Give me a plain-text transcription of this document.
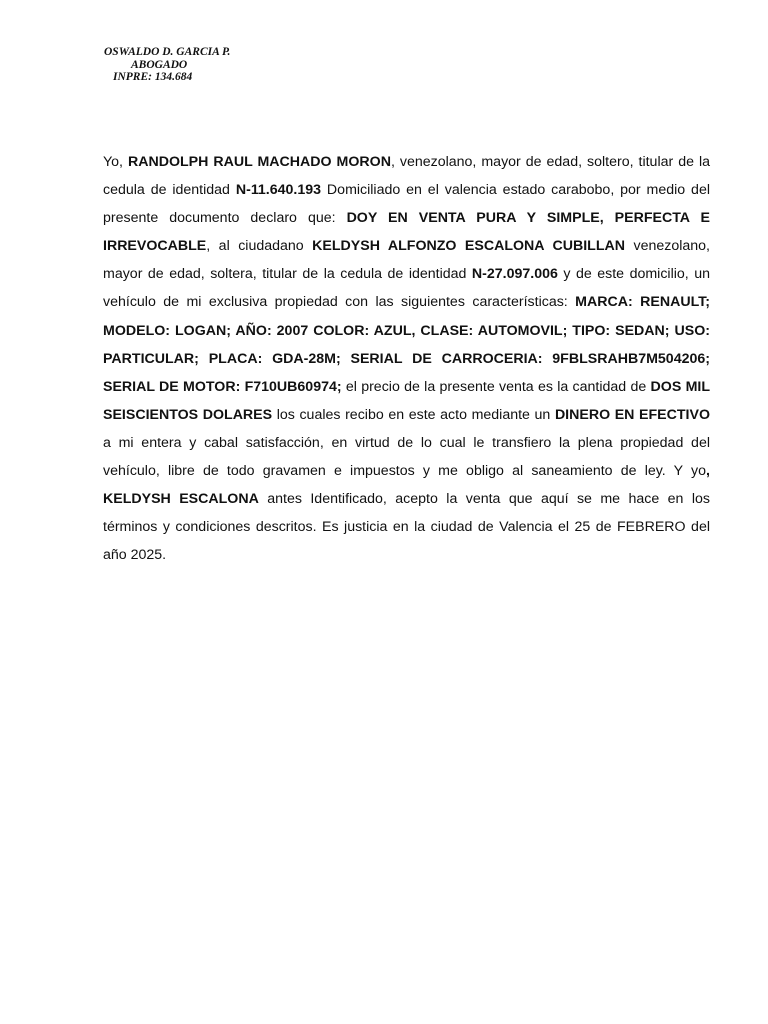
OSWALDO D. GARCIA P.
ABOGADO
INPRE: 134.684

Yo, RANDOLPH RAUL MACHADO MORON, venezolano, mayor de edad, soltero, titular de la cedula de identidad N-11.640.193 Domiciliado en el valencia estado carabobo, por medio del presente documento declaro que: DOY EN VENTA PURA Y SIMPLE, PERFECTA E IRREVOCABLE, al ciudadano KELDYSH ALFONZO ESCALONA CUBILLAN venezolano, mayor de edad, soltera, titular de la cedula de identidad N-27.097.006 y de este domicilio, un vehículo de mi exclusiva propiedad con las siguientes características: MARCA: RENAULT; MODELO: LOGAN; AÑO: 2007 COLOR: AZUL, CLASE: AUTOMOVIL; TIPO: SEDAN; USO: PARTICULAR; PLACA: GDA-28M; SERIAL DE CARROCERIA: 9FBLSRAHB7M504206; SERIAL DE MOTOR: F710UB60974; el precio de la presente venta es la cantidad de DOS MIL SEISCIENTOS DOLARES los cuales recibo en este acto mediante un DINERO EN EFECTIVO a mi entera y cabal satisfacción, en virtud de lo cual le transfiero la plena propiedad del vehículo, libre de todo gravamen e impuestos y me obligo al saneamiento de ley. Y yo, KELDYSH ESCALONA antes Identificado, acepto la venta que aquí se me hace en los términos y condiciones descritos. Es justicia en la ciudad de Valencia el 25 de FEBRERO del año 2025.
